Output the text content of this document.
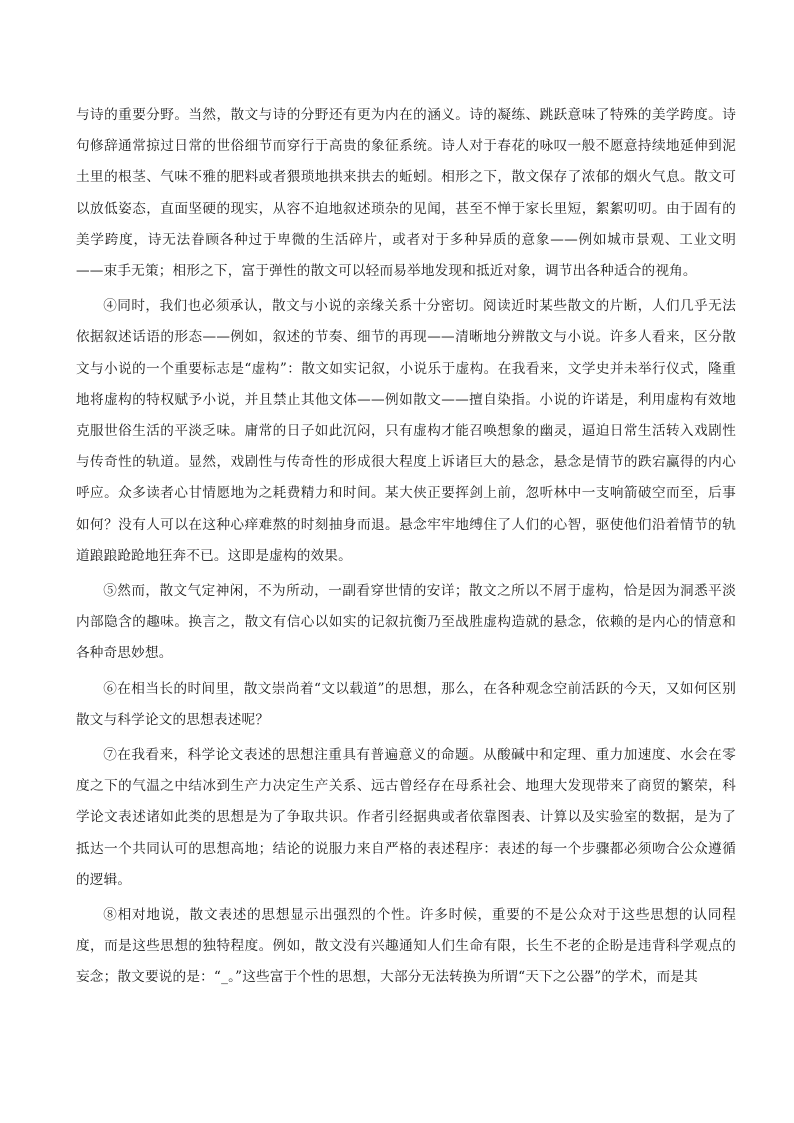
与诗的重要分野。当然，散文与诗的分野还有更为内在的涵义。诗的凝练、跳跃意味了特殊的美学跨度。诗句修辞通常掠过日常的世俗细节而穿行于高贵的象征系统。诗人对于春花的咏叹一般不愿意持续地延伸到泥土里的根茎、气味不雅的肥料或者猥琐地拱来拱去的蚯蚓。相形之下，散文保存了浓郁的烟火气息。散文可以放低姿态，直面坚硬的现实，从容不迫地叙述琐杂的见闻，甚至不惮于家长里短，絮絮叨叨。由于固有的美学跨度，诗无法眷顾各种过于卑微的生活碎片，或者对于多种异质的意象——例如城市景观、工业文明——束手无策；相形之下，富于弹性的散文可以轻而易举地发现和抵近对象，调节出各种适合的视角。

④同时，我们也必须承认，散文与小说的亲缘关系十分密切。阅读近时某些散文的片断，人们几乎无法依据叙述话语的形态——例如，叙述的节奏、细节的再现——清晰地分辨散文与小说。许多人看来，区分散文与小说的一个重要标志是“虚构”：散文如实记叙，小说乐于虚构。在我看来，文学史并未举行仪式，隆重地将虚构的特权赋予小说，并且禁止其他文体——例如散文——擅自染指。小说的许诺是，利用虚构有效地克服世俗生活的平淡乏味。庸常的日子如此沉闷，只有虚构才能召唤想象的幽灵，逼迫日常生活转入戏剧性与传奇性的轨道。显然，戏剧性与传奇性的形成很大程度上诉诸巨大的悬念，悬念是情节的跌宕赢得的内心呼应。众多读者心甘情愿地为之耗费精力和时间。某大侠正要挥剑上前，忽听林中一支响箭破空而至，后事如何？没有人可以在这种心痒难熬的时刻抽身而退。悬念牢牢地缚住了人们的心智，驱使他们沿着情节的轨道踉踉跄跄地狂奔不已。这即是虚构的效果。

⑤然而，散文气定神闲，不为所动，一副看穿世情的安详；散文之所以不屑于虚构，恰是因为洞悉平淡内部隐含的趣味。换言之，散文有信心以如实的记叙抗衡乃至战胜虚构造就的悬念，依赖的是内心的情意和各种奇思妙想。

⑥在相当长的时间里，散文崇尚着“文以载道”的思想，那么，在各种观念空前活跃的今天，又如何区别散文与科学论文的思想表述呢？

⑦在我看来，科学论文表述的思想注重具有普遍意义的命题。从酸碱中和定理、重力加速度、水会在零度之下的气温之中结冰到生产力决定生产关系、远古曾经存在母系社会、地理大发现带来了商贸的繁荣，科学论文表述诸如此类的思想是为了争取共识。作者引经据典或者依靠图表、计算以及实验室的数据，是为了抵达一个共同认可的思想高地；结论的说服力来自严格的表述程序：表述的每一个步骤都必须吻合公众遵循的逻辑。

⑧相对地说，散文表述的思想显示出强烈的个性。许多时候，重要的不是公众对于这些思想的认同程度，而是这些思想的独特程度。例如，散文没有兴趣通知人们生命有限，长生不老的企盼是违背科学观点的妄念；散文要说的是：“_。”这些富于个性的思想，大部分无法转换为所谓“天下之公器”的学术，而是其
